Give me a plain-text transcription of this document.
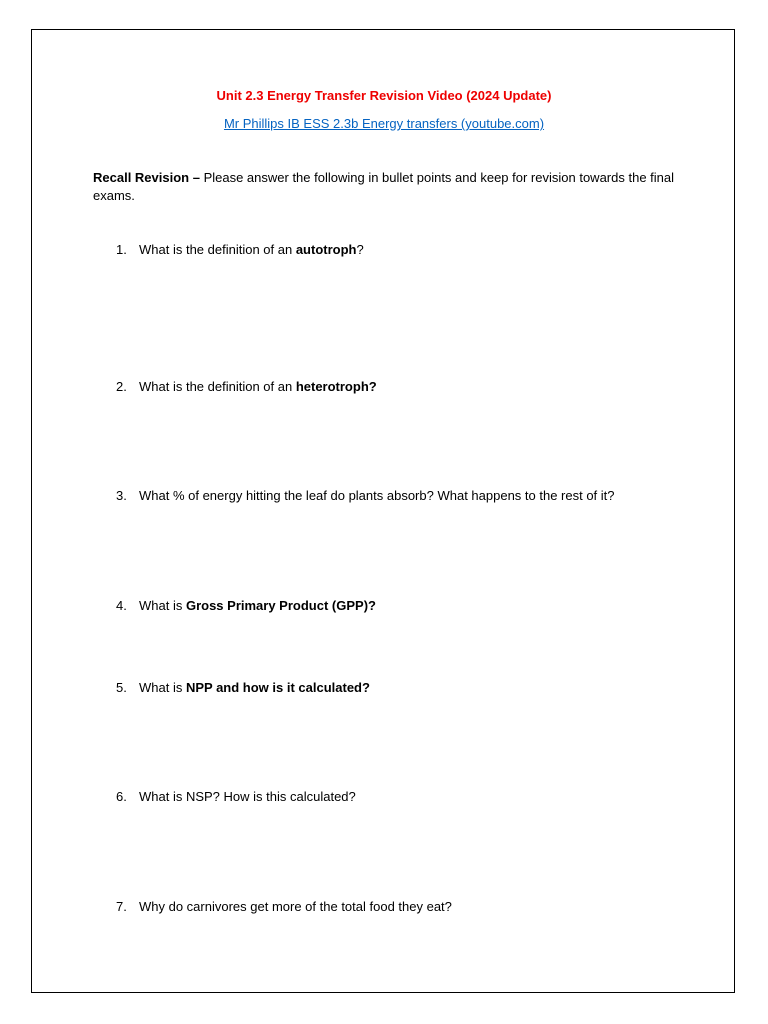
Unit 2.3 Energy Transfer Revision Video (2024 Update)
Mr Phillips IB ESS 2.3b Energy transfers (youtube.com)
Recall Revision – Please answer the following in bullet points and keep for revision towards the final exams.
1. What is the definition of an autotroph?
2. What is the definition of an heterotroph?
3. What % of energy hitting the leaf do plants absorb? What happens to the rest of it?
4. What is Gross Primary Product (GPP)?
5. What is NPP and how is it calculated?
6. What is NSP? How is this calculated?
7. Why do carnivores get more of the total food they eat?
